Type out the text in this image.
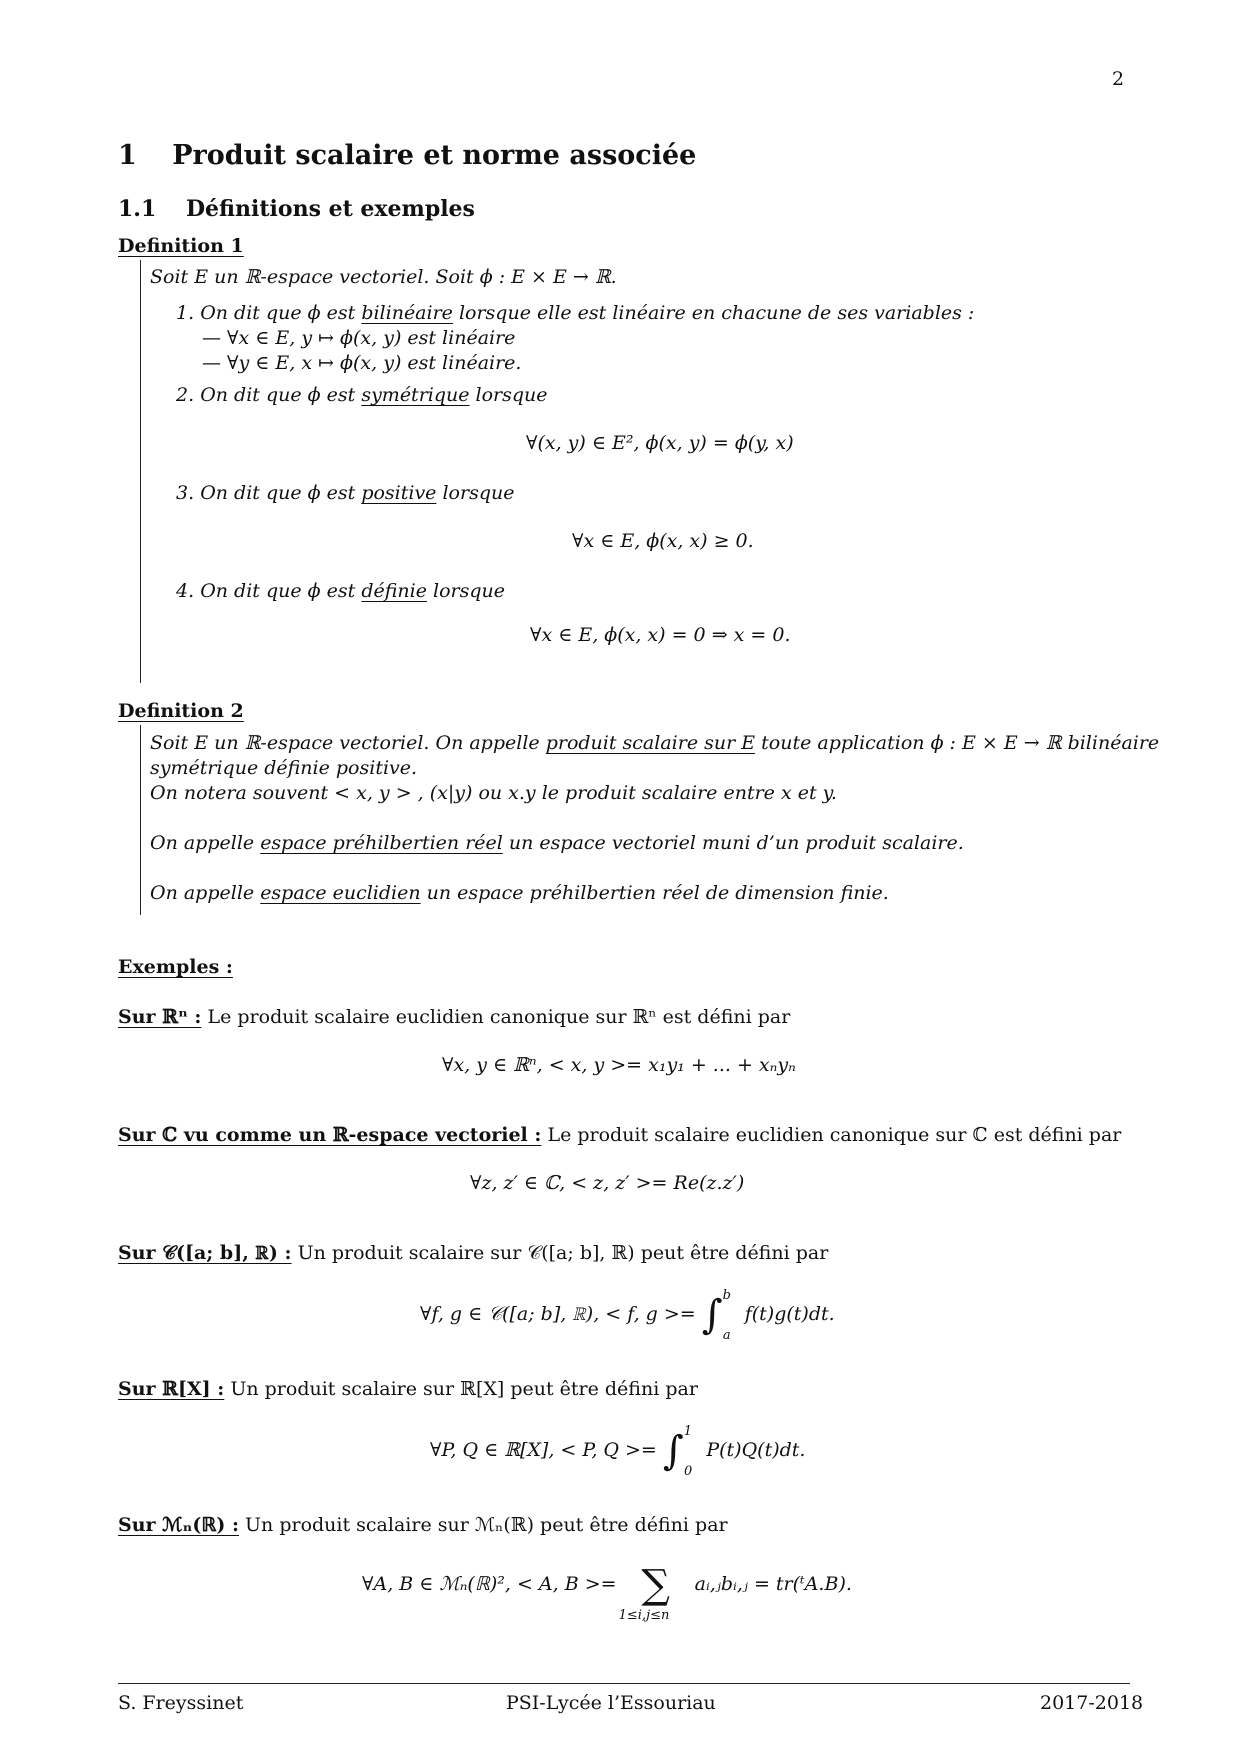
2
1 Produit scalaire et norme associée
1.1 Définitions et exemples
Definition 1
Soit E un ℝ-espace vectoriel. Soit ϕ : E × E → ℝ.
1. On dit que ϕ est bilinéaire lorsque elle est linéaire en chacune de ses variables :
— ∀x ∈ E, y ↦ ϕ(x, y) est linéaire
— ∀y ∈ E, x ↦ ϕ(x, y) est linéaire.
2. On dit que ϕ est symétrique lorsque
∀(x, y) ∈ E², ϕ(x, y) = ϕ(y, x)
3. On dit que ϕ est positive lorsque
∀x ∈ E, ϕ(x, x) ≥ 0.
4. On dit que ϕ est définie lorsque
∀x ∈ E, ϕ(x, x) = 0 ⇒ x = 0.
Definition 2
Soit E un ℝ-espace vectoriel. On appelle produit scalaire sur E toute application ϕ : E × E → ℝ bilinéaire
symétrique définie positive.
On notera souvent < x, y > , (x|y) ou x.y le produit scalaire entre x et y.
On appelle espace préhilbertien réel un espace vectoriel muni d’un produit scalaire.
On appelle espace euclidien un espace préhilbertien réel de dimension finie.
Exemples :
Sur ℝⁿ : Le produit scalaire euclidien canonique sur ℝⁿ est défini par
∀x, y ∈ ℝⁿ, < x, y >= x₁y₁ + ... + xₙyₙ
Sur ℂ vu comme un ℝ-espace vectoriel : Le produit scalaire euclidien canonique sur ℂ est défini par
∀z, z′ ∈ ℂ, < z, z′ >= Re(z.z′)
Sur 𝒞([a; b], ℝ) : Un produit scalaire sur 𝒞([a; b], ℝ) peut être défini par
∀f, g ∈ 𝒞([a; b], ℝ), < f, g >= ∫$^b_a$ f(t)g(t)dt.
Sur ℝ[X] : Un produit scalaire sur ℝ[X] peut être défini par
∀P, Q ∈ ℝ[X], < P, Q >= ∫$^1_0$ P(t)Q(t)dt.
Sur ℳₙ(ℝ) : Un produit scalaire sur ℳₙ(ℝ) peut être défini par
∀A, B ∈ ℳₙ(ℝ)², < A, B >= ∑
1≤i,j≤n
aᵢ,ⱼbᵢ,ⱼ = tr(ᵗA.B).
S. Freyssinet	PSI-Lycée l’Essouriau	2017-2018
